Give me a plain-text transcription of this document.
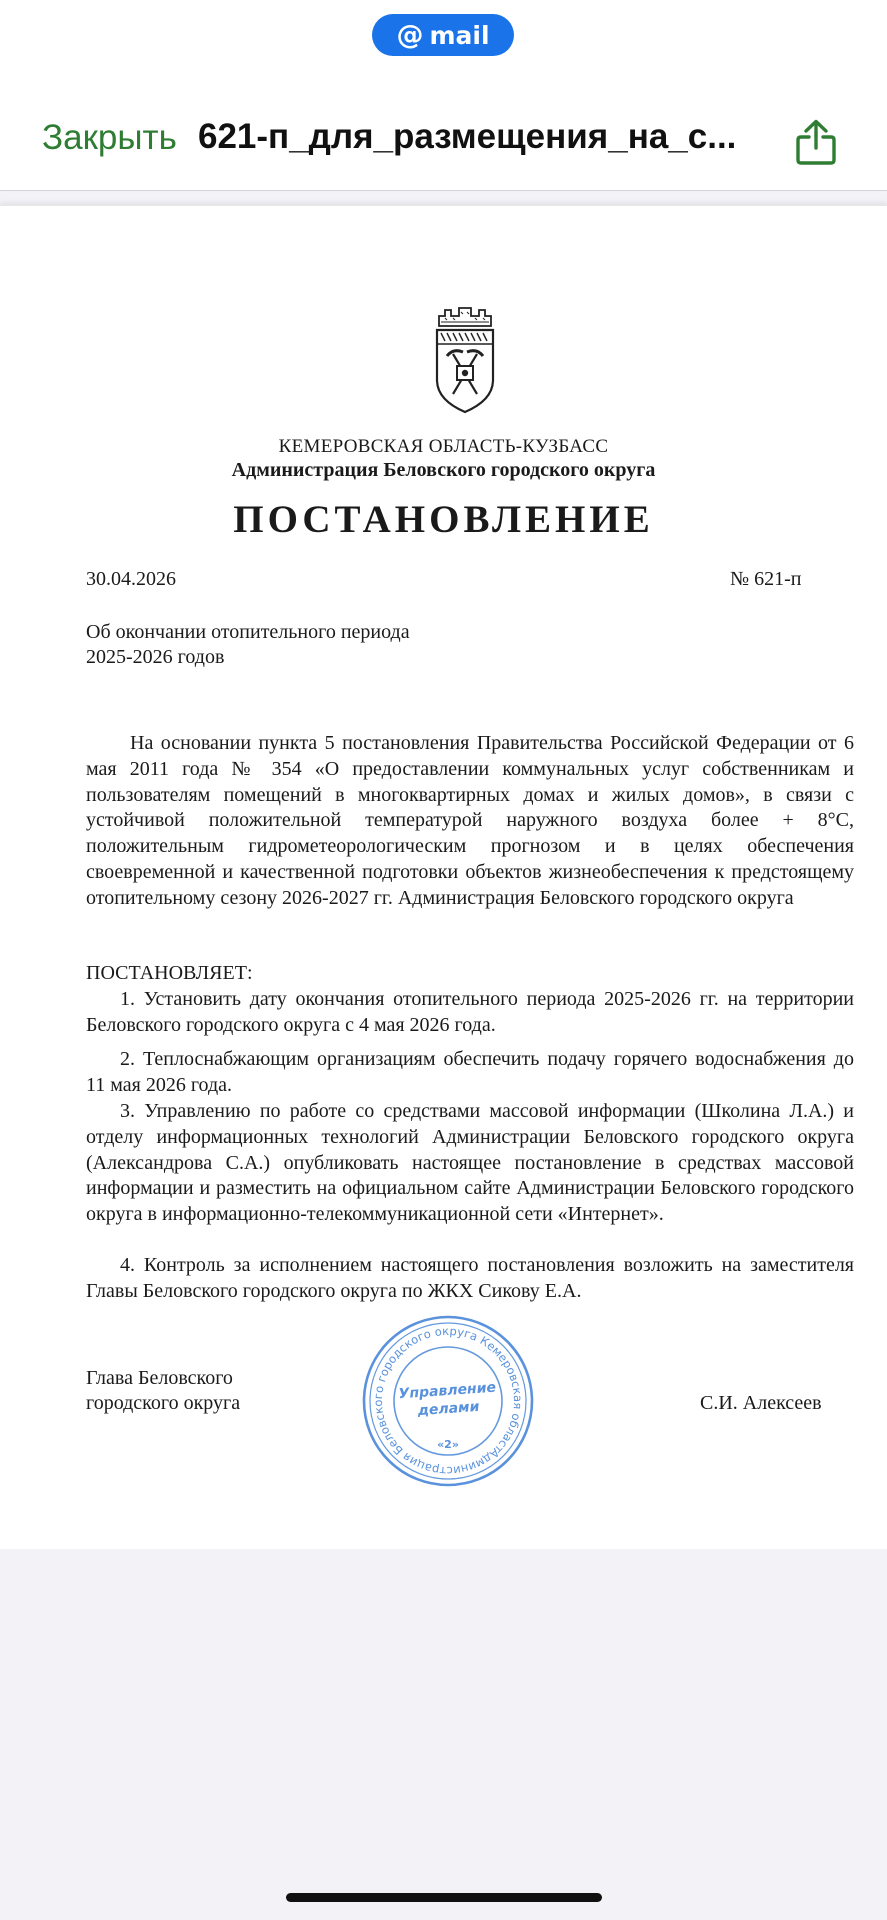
@ mail
Закрыть 621-п_для_размещения_на_с...
КЕМЕРОВСКАЯ ОБЛАСТЬ-КУЗБАСС
Администрация Беловского городского округа
ПОСТАНОВЛЕНИЕ
30.04.2026	№ 621-п
Об окончании отопительного периода 2025-2026 годов
На основании пункта 5 постановления Правительства Российской Федерации от 6 мая 2011 года № 354 «О предоставлении коммунальных услуг собственникам и пользователям помещений в многоквартирных домах и жилых домов», в связи с устойчивой положительной температурой наружного воздуха более + 8°С, положительным гидрометеорологическим прогнозом и в целях обеспечения своевременной и качественной подготовки объектов жизнеобеспечения к предстоящему отопительному сезону 2026-2027 гг. Администрация Беловского городского округа
ПОСТАНОВЛЯЕТ:
1. Установить дату окончания отопительного периода 2025-2026 гг. на территории Беловского городского округа с 4 мая 2026 года.
2. Теплоснабжающим организациям обеспечить подачу горячего водоснабжения до 11 мая 2026 года.
3. Управлению по работе со средствами массовой информации (Школина Л.А.) и отделу информационных технологий Администрации Беловского городского округа (Александрова С.А.) опубликовать настоящее постановление в средствах массовой информации и разместить на официальном сайте Администрации Беловского городского округа в информационно-телекоммуникационной сети «Интернет».
4. Контроль за исполнением настоящего постановления возложить на заместителя Главы Беловского городского округа по ЖКХ Сикову Е.А.
Глава Беловского
городского округа
Администрация Беловского городского округа Кемеровская область-Кузбасс
Управление
делами
«2»
С.И. Алексеев
